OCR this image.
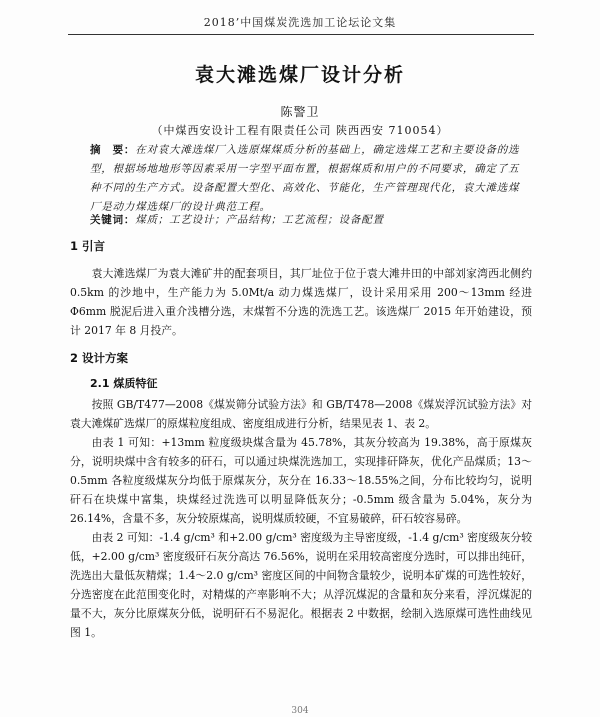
2018’中国煤炭洗选加工论坛论文集
袁大滩选煤厂设计分析
陈警卫
（中煤西安设计工程有限责任公司 陕西西安 710054）
摘　要：在对袁大滩选煤厂入选原煤煤质分析的基础上，确定选煤工艺和主要设备的选型，根据场地地形等因素采用一字型平面布置，根据煤质和用户的不同要求，确定了五种不同的生产方式。设备配置大型化、高效化、节能化，生产管理现代化，袁大滩选煤厂是动力煤选煤厂的设计典范工程。
关键词：煤质；工艺设计；产品结构；工艺流程；设备配置
1 引言
袁大滩选煤厂为袁大滩矿井的配套项目，其厂址位于位于袁大滩井田的中部刘家湾西北侧约 0.5km 的沙地中，生产能力为 5.0Mt/a 动力煤选煤厂，设计采用采用 200～13mm 经进 Φ6mm 脱泥后进入重介浅槽分选，末煤暂不分选的洗选工艺。该选煤厂 2015 年开始建设，预计 2017 年 8 月投产。
2 设计方案
2.1 煤质特征
按照 GB/T477—2008《煤炭筛分试验方法》和 GB/T478—2008《煤炭浮沉试验方法》对袁大滩煤矿选煤厂的原煤粒度组成、密度组成进行分析，结果见表 1、表 2。
由表 1 可知：+13mm 粒度级块煤含量为 45.78%，其灰分较高为 19.38%，高于原煤灰分，说明块煤中含有较多的矸石，可以通过块煤洗选加工，实现排矸降灰，优化产品煤质；13～0.5mm 各粒度级煤灰分均低于原煤灰分，灰分在 16.33～18.55%之间，分布比较均匀，说明矸石在块煤中富集，块煤经过洗选可以明显降低灰分；-0.5mm 级含量为 5.04%，灰分为 26.14%，含量不多，灰分较原煤高，说明煤质较硬，不宜易破碎，矸石较容易碎。
由表 2 可知：-1.4 g/cm³ 和+2.00 g/cm³ 密度级为主导密度级，-1.4 g/cm³ 密度级灰分较低，+2.00 g/cm³ 密度级矸石灰分高达 76.56%，说明在采用较高密度分选时，可以排出纯矸，洗选出大量低灰精煤；1.4～2.0 g/cm³ 密度区间的中间物含量较少，说明本矿煤的可选性较好，分选密度在此范围变化时，对精煤的产率影响不大；从浮沉煤泥的含量和灰分来看，浮沉煤泥的量不大，灰分比原煤灰分低，说明矸石不易泥化。根据表 2 中数据，绘制入选原煤可选性曲线见图 1。
304
